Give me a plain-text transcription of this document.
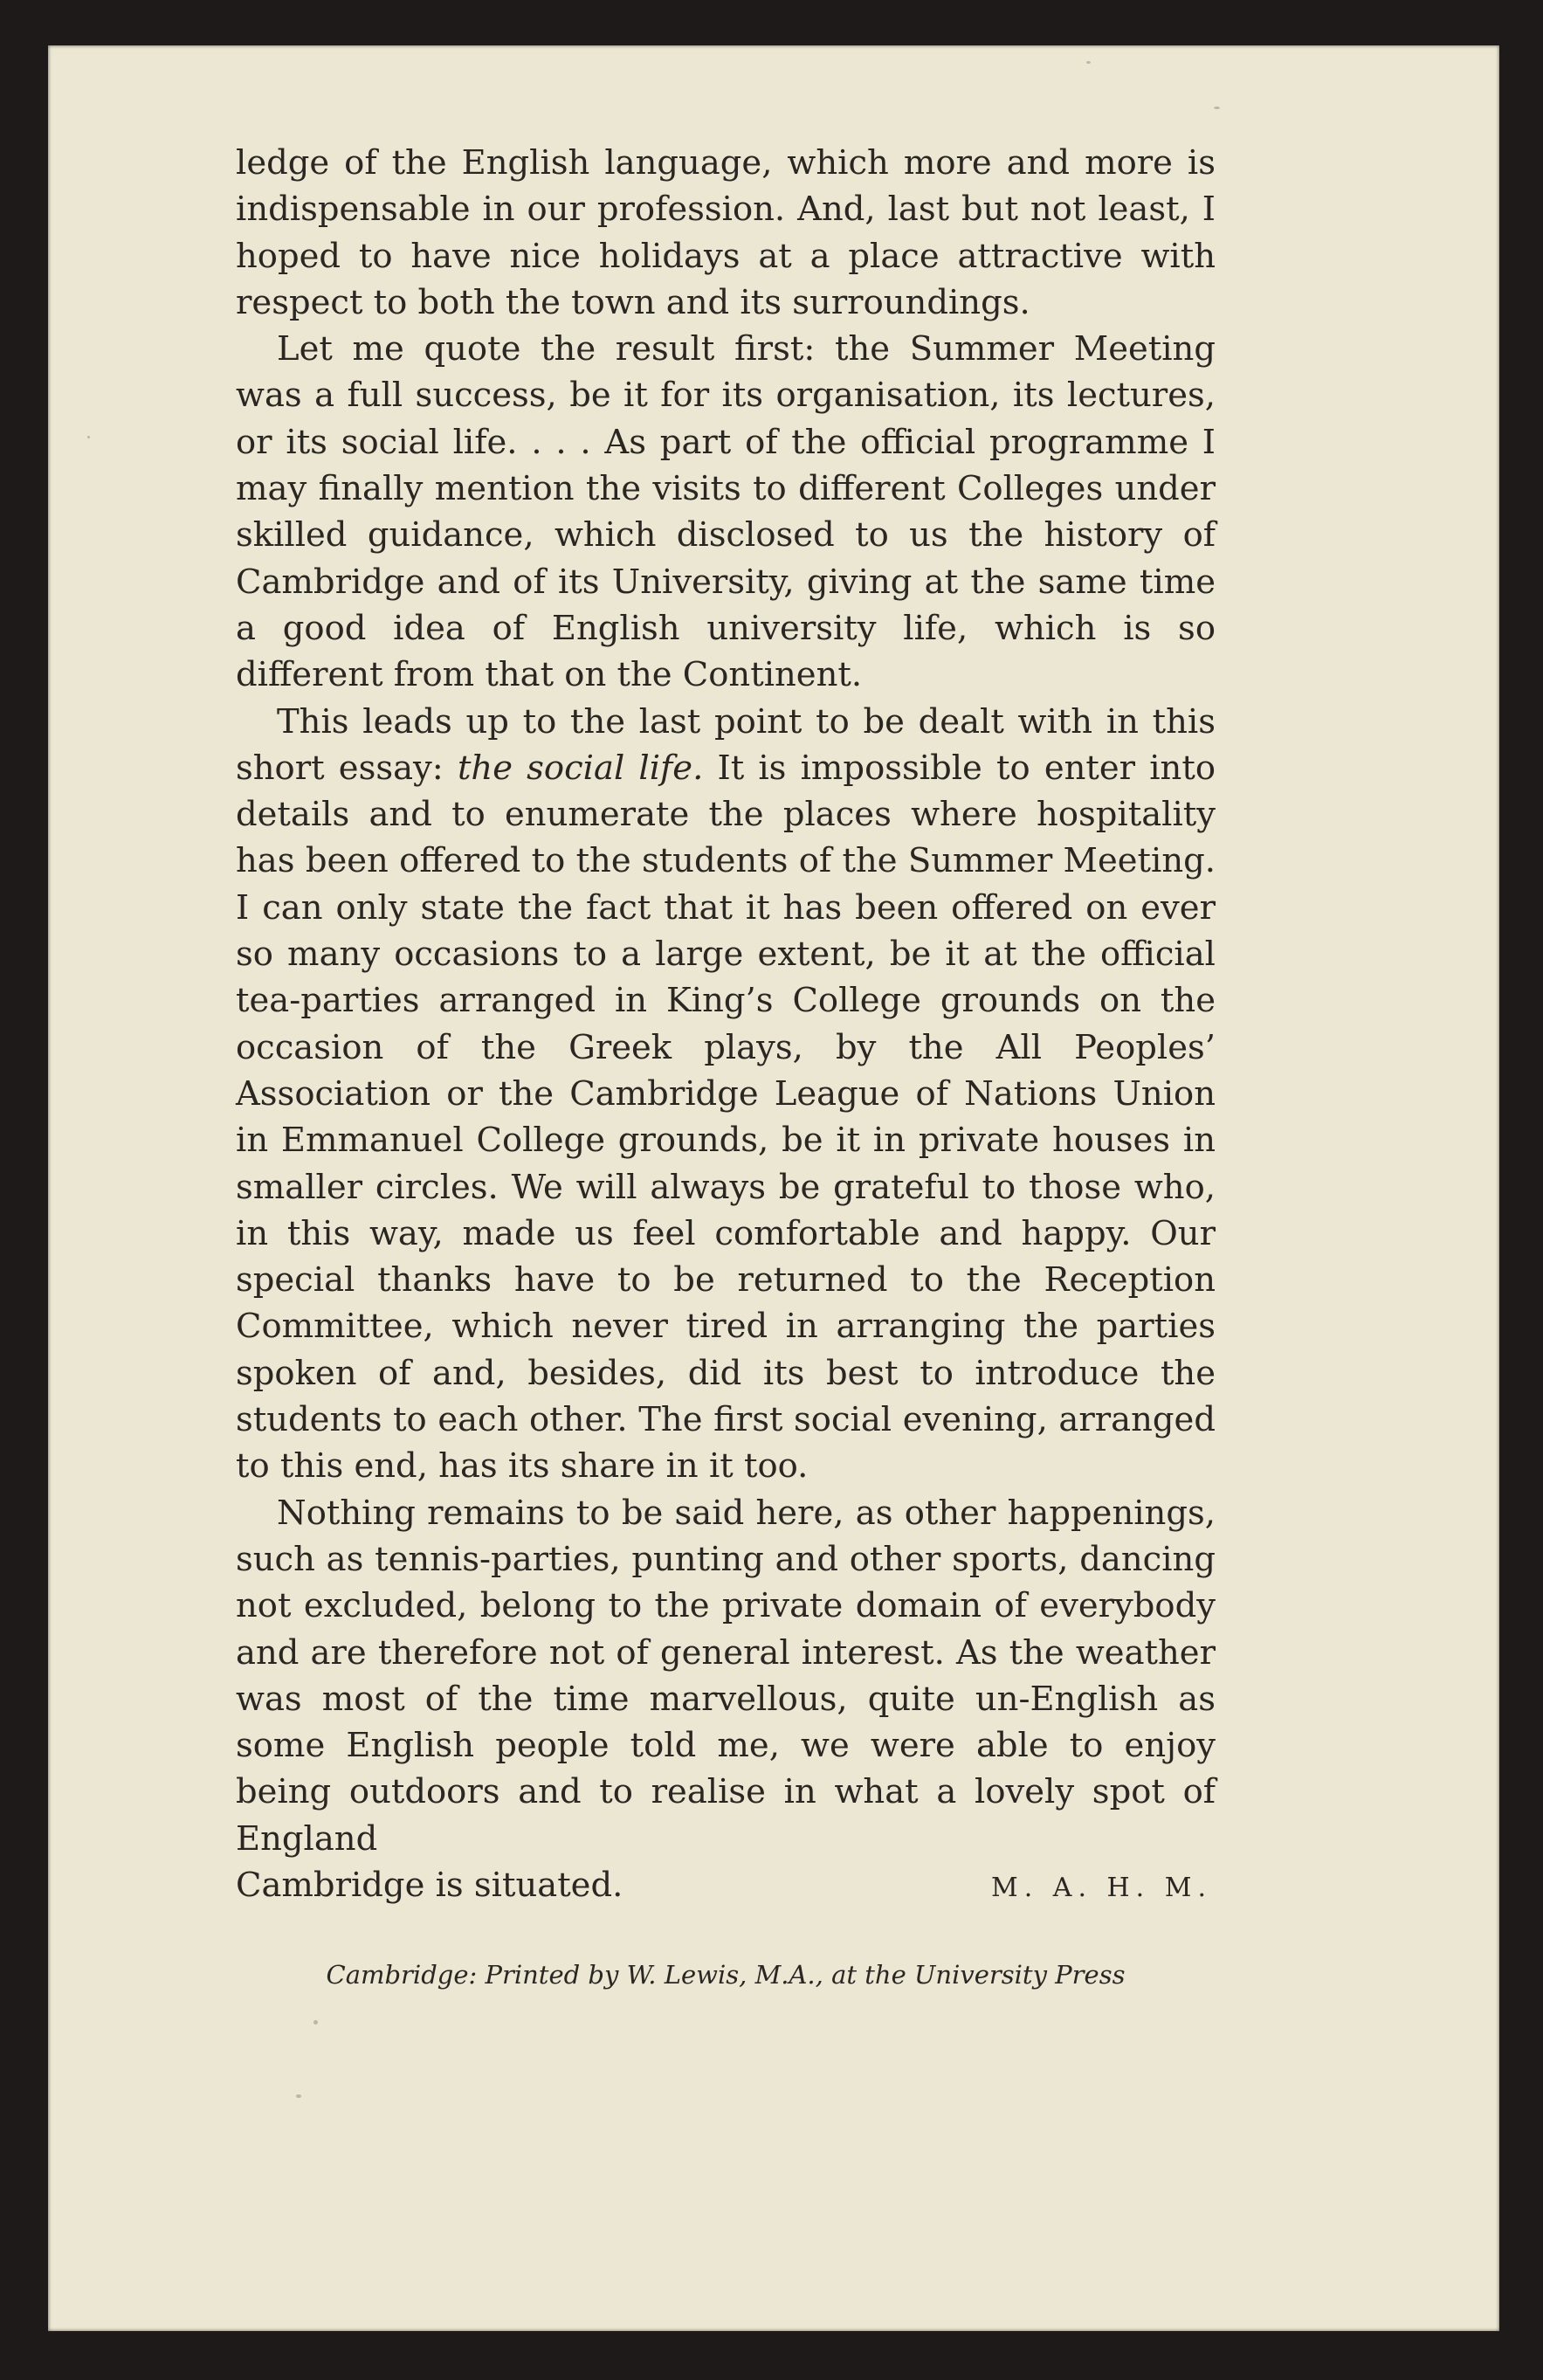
ledge of the English language, which more and more is indispensable in our profession. And, last but not least, I hoped to have nice holidays at a place attractive with respect to both the town and its surroundings.

Let me quote the result first: the Summer Meeting was a full success, be it for its organisation, its lectures, or its social life. . . . As part of the official programme I may finally mention the visits to different Colleges under skilled guidance, which disclosed to us the history of Cambridge and of its University, giving at the same time a good idea of English university life, which is so different from that on the Continent.

This leads up to the last point to be dealt with in this short essay: the social life. It is impossible to enter into details and to enumerate the places where hospitality has been offered to the students of the Summer Meeting. I can only state the fact that it has been offered on ever so many occasions to a large extent, be it at the official tea-parties arranged in King’s College grounds on the occasion of the Greek plays, by the All Peoples’ Association or the Cambridge League of Nations Union in Emmanuel College grounds, be it in private houses in smaller circles. We will always be grateful to those who, in this way, made us feel comfortable and happy. Our special thanks have to be returned to the Reception Committee, which never tired in arranging the parties spoken of and, besides, did its best to introduce the students to each other. The first social evening, arranged to this end, has its share in it too.

Nothing remains to be said here, as other happenings, such as tennis-parties, punting and other sports, dancing not excluded, belong to the private domain of everybody and are therefore not of general interest. As the weather was most of the time marvellous, quite un-English as some English people told me, we were able to enjoy being outdoors and to realise in what a lovely spot of England

Cambridge is situated.	M. A. H. M.
Cambridge: Printed by W. Lewis, M.A., at the University Press
